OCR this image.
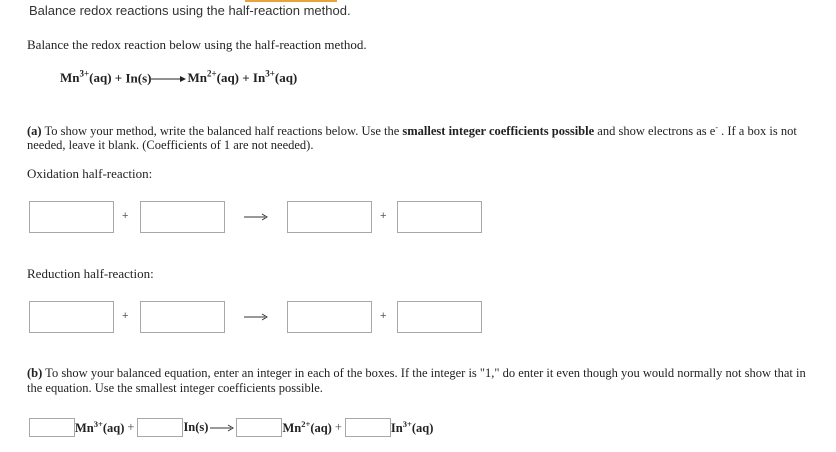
Balance redox reactions using the half-reaction method.
Balance the redox reaction below using the half-reaction method.
$Mn^{3+}(aq) + In(s)\to Mn^{2+}(aq) + In^{3+}(aq)$
(a) To show your method, write the balanced half reactions below. Use the smallest integer coefficients possible and show electrons as e- . If a box is not needed, leave it blank. (Coefficients of 1 are not needed).
Oxidation half-reaction:
+	+
Reduction half-reaction:
+	+
(b) To show your balanced equation, enter an integer in each of the boxes. If the integer is "1," do enter it even though you would normally not show that in the equation. Use the smallest integer coefficients possible.
$Mn^{3+}(aq)$ +	In(s)	$Mn^{2+}(aq)$ +	$In^{3+}(aq)$
